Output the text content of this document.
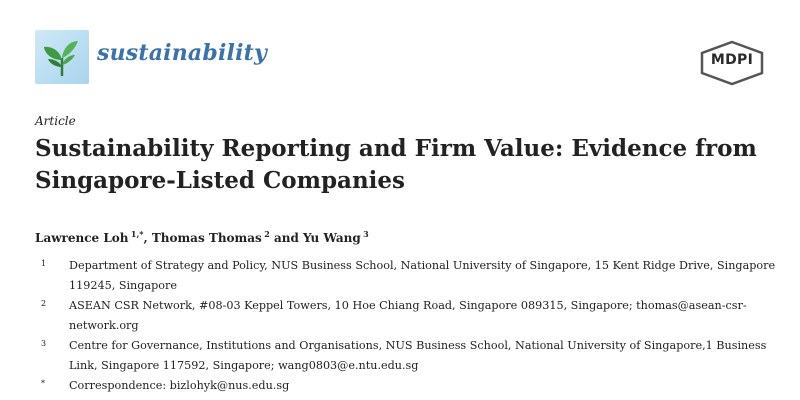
sustainability	MDPI
Article
Sustainability Reporting and Firm Value: Evidence from Singapore-Listed Companies
Lawrence Loh  $^{1,*}$, Thomas Thomas  $^2$ and Yu Wang  $^3$
1 Department of Strategy and Policy, NUS Business School, National University of Singapore, 15 Kent Ridge Drive, Singapore 119245, Singapore
2 ASEAN CSR Network, #08-03 Keppel Towers, 10 Hoe Chiang Road, Singapore 089315, Singapore; thomas@asean-csr-network.org
3 Centre for Governance, Institutions and Organisations, NUS Business School, National University of Singapore,1 Business Link, Singapore 117592, Singapore; wang0803@e.ntu.edu.sg
* Correspondence: bizlohyk@nus.edu.sg
